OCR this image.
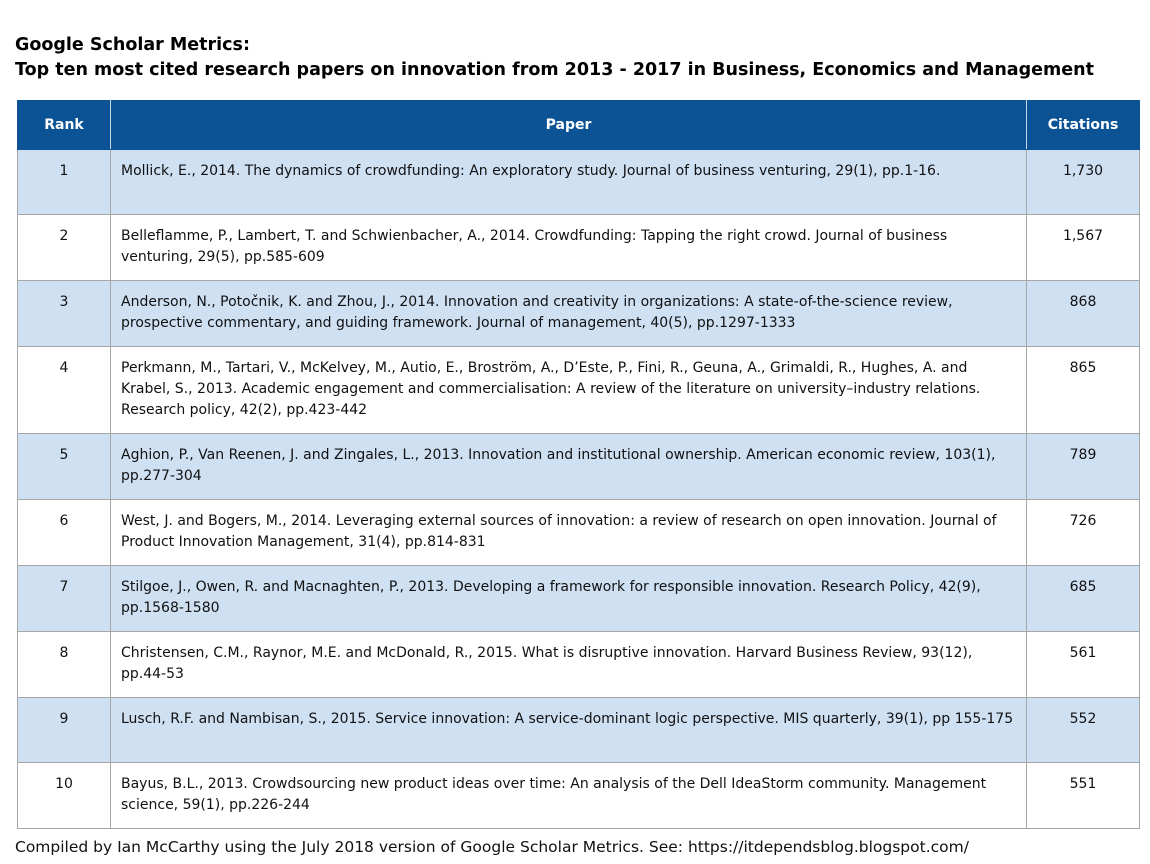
Google Scholar Metrics:
Top ten most cited research papers on innovation from 2013 - 2017 in Business, Economics and Management
Rank	Paper	Citations
1	Mollick, E., 2014. The dynamics of crowdfunding: An exploratory study. Journal of business venturing, 29(1), pp.1-16.	1,730
2	Belleflamme, P., Lambert, T. and Schwienbacher, A., 2014. Crowdfunding: Tapping the right crowd. Journal of business venturing, 29(5), pp.585-609	1,567
3	Anderson, N., Potočnik, K. and Zhou, J., 2014. Innovation and creativity in organizations: A state-of-the-science review, prospective commentary, and guiding framework. Journal of management, 40(5), pp.1297-1333	868
4	Perkmann, M., Tartari, V., McKelvey, M., Autio, E., Broström, A., D’Este, P., Fini, R., Geuna, A., Grimaldi, R., Hughes, A. and Krabel, S., 2013. Academic engagement and commercialisation: A review of the literature on university–industry relations. Research policy, 42(2), pp.423-442	865
5	Aghion, P., Van Reenen, J. and Zingales, L., 2013. Innovation and institutional ownership. American economic review, 103(1), pp.277-304	789
6	West, J. and Bogers, M., 2014. Leveraging external sources of innovation: a review of research on open innovation. Journal of Product Innovation Management, 31(4), pp.814-831	726
7	Stilgoe, J., Owen, R. and Macnaghten, P., 2013. Developing a framework for responsible innovation. Research Policy, 42(9), pp.1568-1580	685
8	Christensen, C.M., Raynor, M.E. and McDonald, R., 2015. What is disruptive innovation. Harvard Business Review, 93(12), pp.44-53	561
9	Lusch, R.F. and Nambisan, S., 2015. Service innovation: A service-dominant logic perspective. MIS quarterly, 39(1), pp 155-175	552
10	Bayus, B.L., 2013. Crowdsourcing new product ideas over time: An analysis of the Dell IdeaStorm community. Management science, 59(1), pp.226-244	551
Compiled by Ian McCarthy using the July 2018 version of Google Scholar Metrics. See: https://itdependsblog.blogspot.com/
